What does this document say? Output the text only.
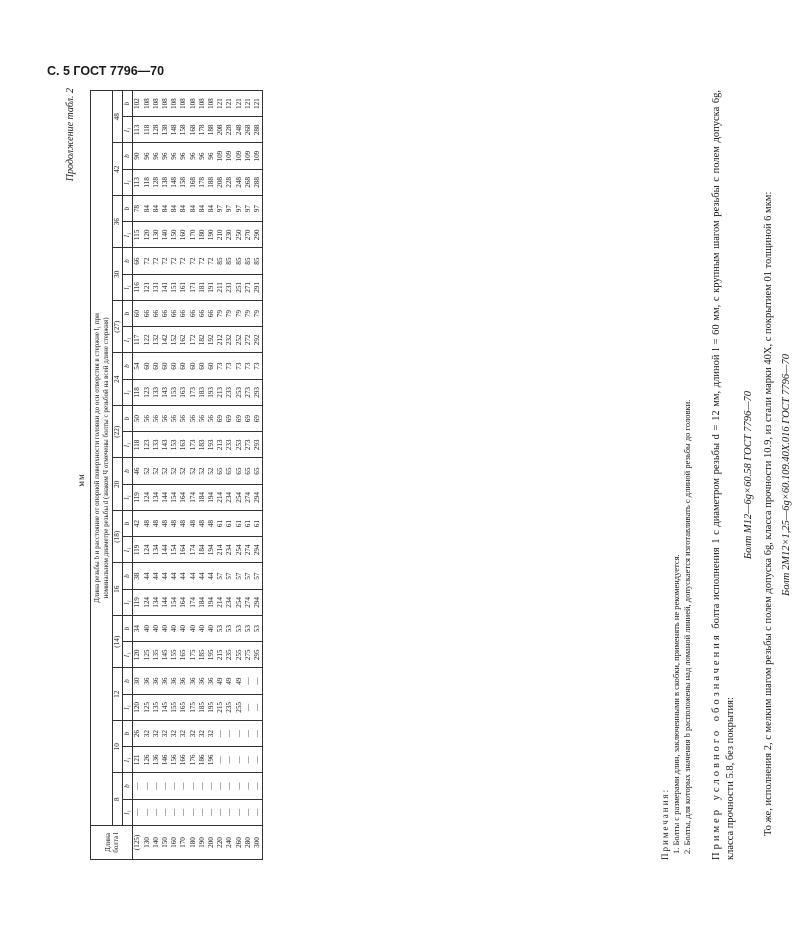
С. 5 ГОСТ 7796—70
Продолжение табл. 2
мм
Длина болта l	Длина резьбы b и расстояние от опорной поверхности головки до оси отверстия в стержне l₁ при
номинальном диаметре резьбы d (знаком Ч отмечены болты с резьбой на всей длине стержня)																											
	8		10		12		(14)		16		(18)		20		(22)		24		(27)		30		36		42		48	
	l₁	b	l₁	b	l₁	b	l₁	b	l₁	b	l₁	b	l₁	b	l₁	b	l₁	b	l₁	b	l₁	b	l₁	b	l₁	b	l₁	b
(125)	—	—	121	26	120	30	120	34	119	38	119	42	119	46	118	50	118	54	117	60	116	66	115	78	113	90	113	102
130	—	—	126	32	125	36	125	40	124	44	124	48	124	52	123	56	123	60	122	66	121	72	120	84	118	96	118	108
140	—	—	136	32	135	36	135	40	134	44	134	48	134	52	133	56	133	60	132	66	131	72	130	84	128	96	128	108
150	—	—	146	32	145	36	145	40	144	44	144	48	144	52	143	56	143	60	142	66	141	72	140	84	138	96	138	108
160	—	—	156	32	155	36	155	40	154	44	154	48	154	52	153	56	153	60	152	66	151	72	150	84	148	96	148	108
170	—	—	166	32	165	36	165	40	164	44	164	48	164	52	163	56	163	60	162	66	161	72	160	84	158	96	158	108
180	—	—	176	32	175	36	175	40	174	44	174	48	174	52	173	56	173	60	172	66	171	72	170	84	168	96	168	108
190	—	—	186	32	185	36	185	40	184	44	184	48	184	52	183	56	183	60	182	66	181	72	180	84	178	96	178	108
200	—	—	196	32	195	36	195	40	194	44	194	48	194	52	193	56	193	60	192	66	191	72	190	84	188	96	188	108
220	—	—	—	—	215	49	215	53	214	57	214	61	214	65	213	69	213	73	212	79	211	85	210	97	208	109	208	121
240	—	—	—	—	235	49	235	53	234	57	234	61	234	65	233	69	233	73	232	79	231	85	230	97	228	109	228	121
260	—	—	—	—	255	49	255	53	254	57	254	61	254	65	253	69	253	73	252	79	251	85	250	97	248	109	248	121
280	—	—	—	—	—	—	275	53	274	57	274	61	274	65	273	69	273	73	272	79	271	85	270	97	268	109	268	121
300	—	—	—	—	—	—	295	53	294	57	294	61	294	65	293	69	293	73	292	79	291	85	290	97	288	109	288	121
Примечания: 1. Болты с размерами длин, заключенными в скобки, применять не рекомендуется. 2. Болты, для которых значения b расположены над ломаной линией, допускается изготавливать с длиной резьбы до головки. Пример условного обозначения болта исполнения 1 с диаметром резьбы d = 12 мм, длиной l = 60 мм, с крупным шагом резьбы с полем допуска 6g, класса прочности 5.8, без покрытия:
Болт М12—6g×60.58 ГОСТ 7796—70 То же, исполнения 2, с мелким шагом резьбы с полем допуска 6g, класса прочности 10.9, из стали марки 40Х, с покрытием 01 толщиной 6 мкм: Болт 2М12×1,25—6g×60.109.40Х.016 ГОСТ 7796—70
